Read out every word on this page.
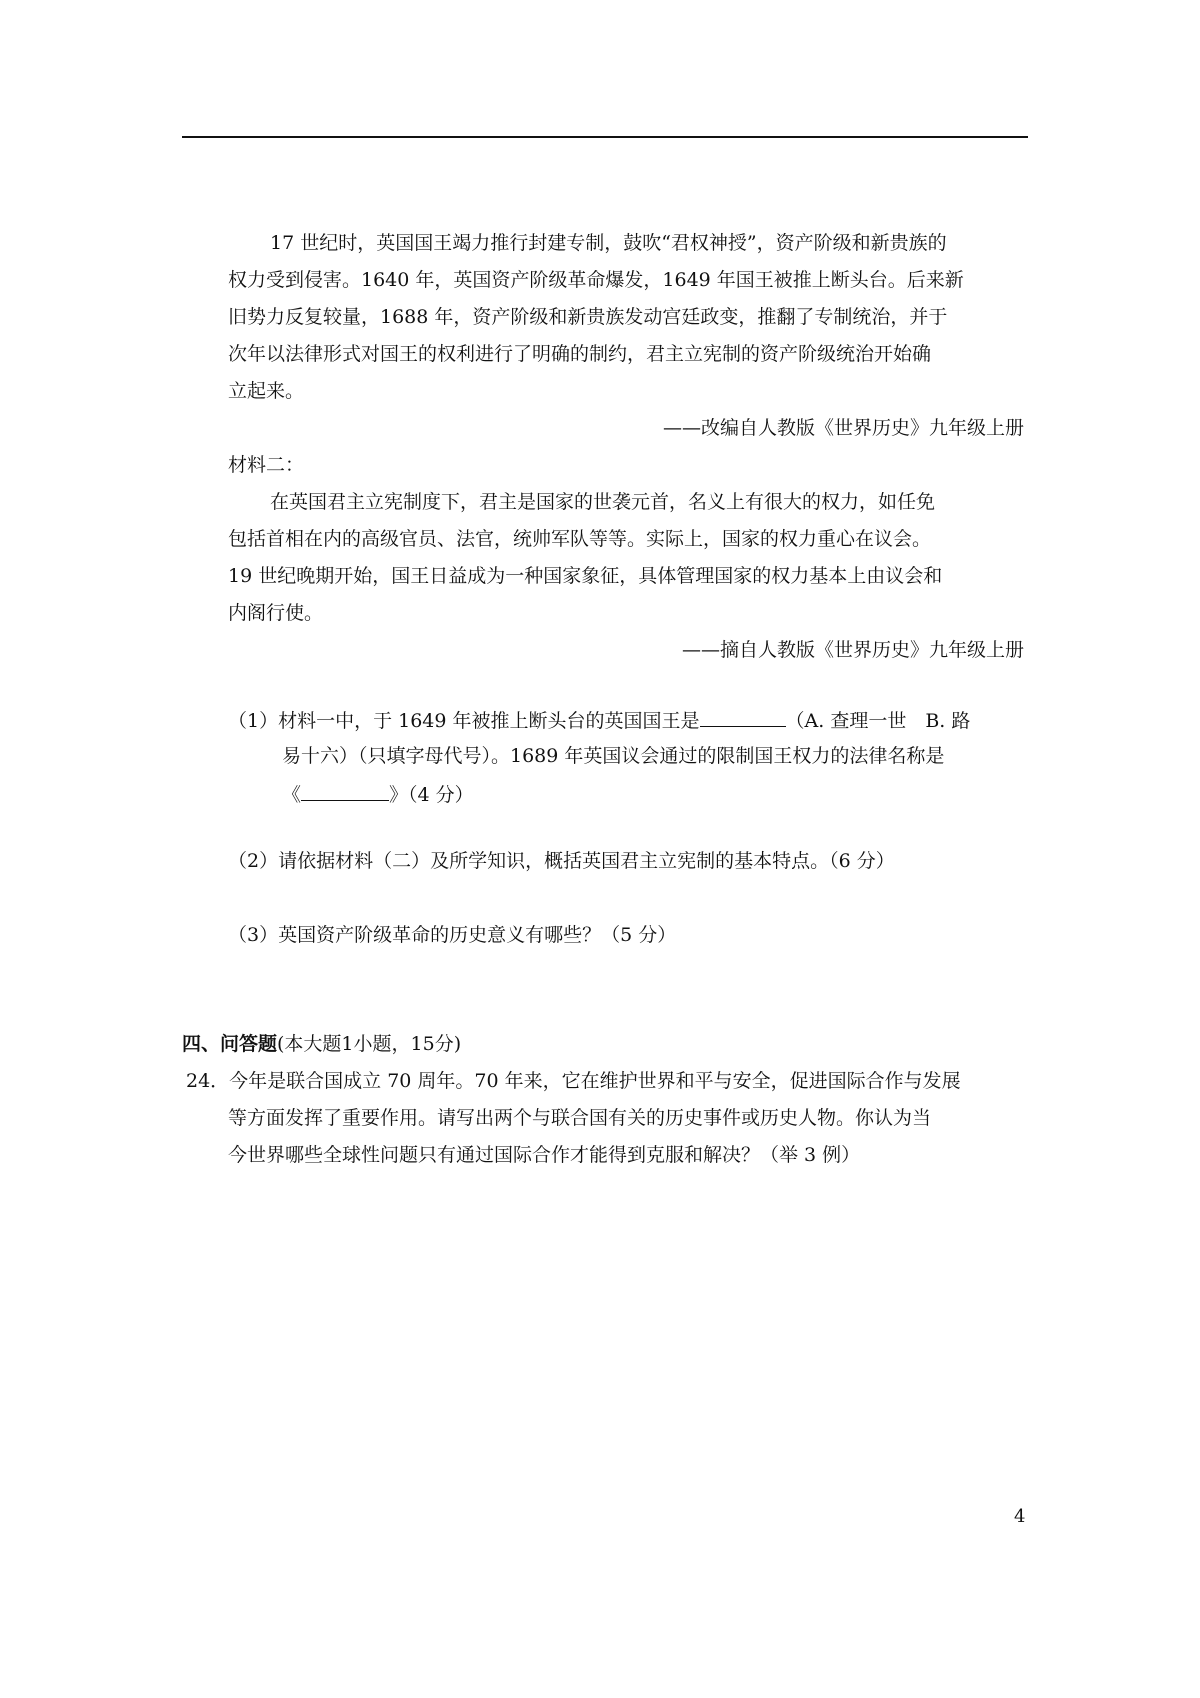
17 世纪时，英国国王竭力推行封建专制，鼓吹“君权神授”，资产阶级和新贵族的
权力受到侵害。1640 年，英国资产阶级革命爆发，1649 年国王被推上断头台。后来新
旧势力反复较量，1688 年，资产阶级和新贵族发动宫廷政变，推翻了专制统治，并于
次年以法律形式对国王的权利进行了明确的制约，君主立宪制的资产阶级统治开始确
立起来。
——改编自人教版《世界历史》九年级上册
材料二：
在英国君主立宪制度下，君主是国家的世袭元首，名义上有很大的权力，如任免
包括首相在内的高级官员、法官，统帅军队等等。实际上，国家的权力重心在议会。
19 世纪晚期开始，国王日益成为一种国家象征，具体管理国家的权力基本上由议会和
内阁行使。
——摘自人教版《世界历史》九年级上册
（1）材料一中，于 1649 年被推上断头台的英国国王是	（A. 查理一世　B. 路
易十六）（只填字母代号）。1689 年英国议会通过的限制国王权力的法律名称是
《	》（4 分）
（2）请依据材料（二）及所学知识，概括英国君主立宪制的基本特点。（6 分）
（3）英国资产阶级革命的历史意义有哪些？（5 分）
四、问答题(本大题1小题，15分)
24．今年是联合国成立 70 周年。70 年来，它在维护世界和平与安全，促进国际合作与发展
等方面发挥了重要作用。请写出两个与联合国有关的历史事件或历史人物。你认为当
今世界哪些全球性问题只有通过国际合作才能得到克服和解决？（举 3 例）
4
